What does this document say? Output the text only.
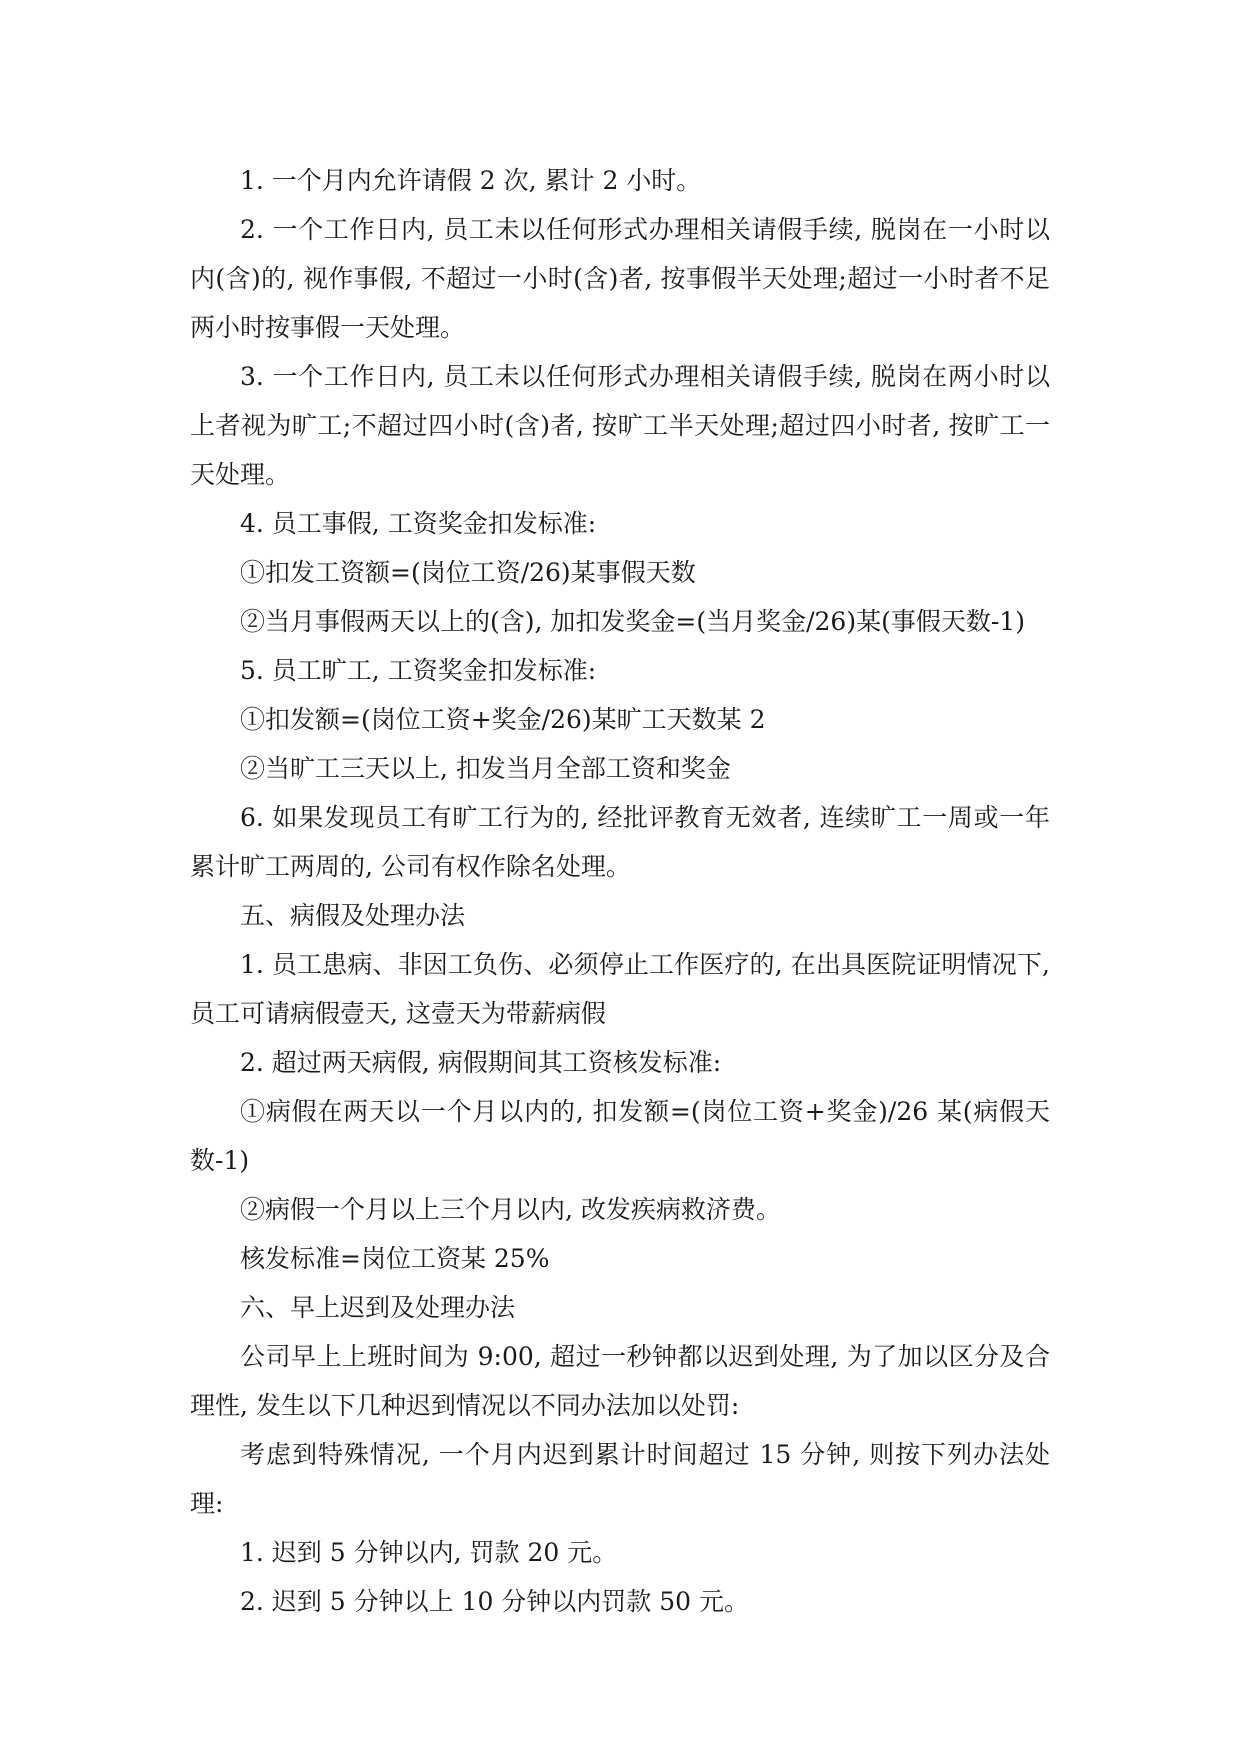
1. 一个月内允许请假 2 次, 累计 2 小时。

2. 一个工作日内, 员工未以任何形式办理相关请假手续, 脱岗在一小时以内(含)的, 视作事假, 不超过一小时(含)者, 按事假半天处理;超过一小时者不足两小时按事假一天处理。

3. 一个工作日内, 员工未以任何形式办理相关请假手续, 脱岗在两小时以上者视为旷工;不超过四小时(含)者, 按旷工半天处理;超过四小时者, 按旷工一天处理。

4. 员工事假, 工资奖金扣发标准:

①扣发工资额=(岗位工资/26)某事假天数

②当月事假两天以上的(含), 加扣发奖金=(当月奖金/26)某(事假天数-1)

5. 员工旷工, 工资奖金扣发标准:

①扣发额=(岗位工资+奖金/26)某旷工天数某 2

②当旷工三天以上, 扣发当月全部工资和奖金

6. 如果发现员工有旷工行为的, 经批评教育无效者, 连续旷工一周或一年累计旷工两周的, 公司有权作除名处理。

五、病假及处理办法

1. 员工患病、非因工负伤、必须停止工作医疗的, 在出具医院证明情况下, 员工可请病假壹天, 这壹天为带薪病假

2. 超过两天病假, 病假期间其工资核发标准:

①病假在两天以一个月以内的, 扣发额=(岗位工资+奖金)/26 某(病假天数-1)

②病假一个月以上三个月以内, 改发疾病救济费。

核发标准=岗位工资某 25%

六、早上迟到及处理办法

公司早上上班时间为 9:00, 超过一秒钟都以迟到处理, 为了加以区分及合理性, 发生以下几种迟到情况以不同办法加以处罚:

考虑到特殊情况, 一个月内迟到累计时间超过 15 分钟, 则按下列办法处理:

1. 迟到 5 分钟以内, 罚款 20 元。

2. 迟到 5 分钟以上 10 分钟以内罚款 50 元。
